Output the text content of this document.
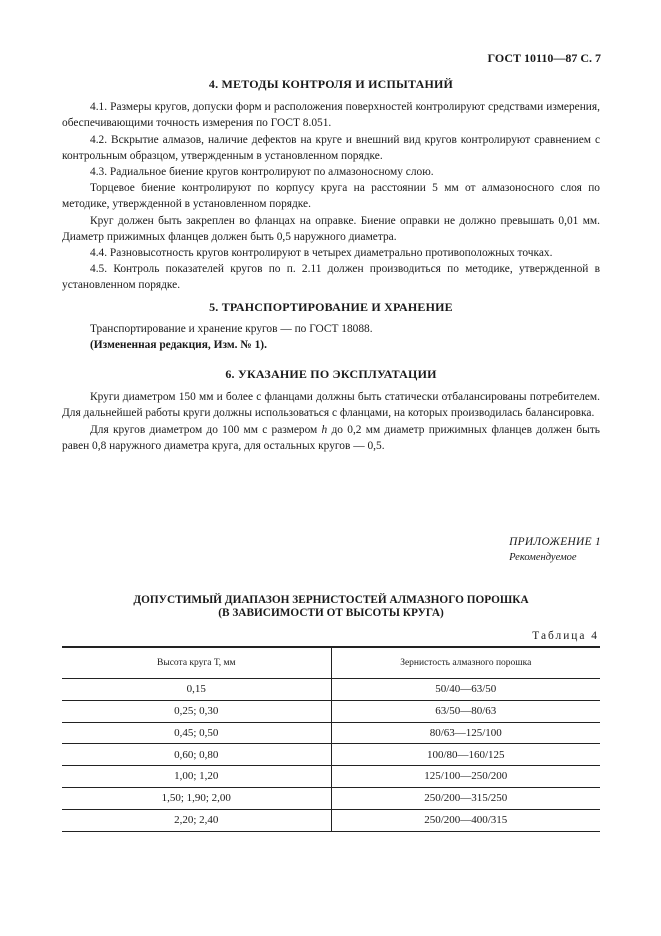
ГОСТ 10110—87 С. 7
4. МЕТОДЫ КОНТРОЛЯ И ИСПЫТАНИЙ

4.1. Размеры кругов, допуски форм и расположения поверхностей контролируют средствами измерения, обеспечивающими точность измерения по ГОСТ 8.051.

4.2. Вскрытие алмазов, наличие дефектов на круге и внешний вид кругов контролируют сравнением с контрольным образцом, утвержденным в установленном порядке.

4.3. Радиальное биение кругов контролируют по алмазоносному слою.

Торцевое биение контролируют по корпусу круга на расстоянии 5 мм от алмазоносного слоя по методике, утвержденной в установленном порядке.

Круг должен быть закреплен во фланцах на оправке. Биение оправки не должно превышать 0,01 мм. Диаметр прижимных фланцев должен быть 0,5 наружного диаметра.

4.4. Разновысотность кругов контролируют в четырех диаметрально противоположных точках.

4.5. Контроль показателей кругов по п. 2.11 должен производиться по методике, утвержденной в установленном порядке.

5. ТРАНСПОРТИРОВАНИЕ И ХРАНЕНИЕ

Транспортирование и хранение кругов — по ГОСТ 18088.

(Измененная редакция, Изм. № 1).

6. УКАЗАНИЕ ПО ЭКСПЛУАТАЦИИ

Круги диаметром 150 мм и более с фланцами должны быть статически отбалансированы потребителем. Для дальнейшей работы круги должны использоваться с фланцами, на которых производилась балансировка.

Для кругов диаметром до 100 мм с размером h до 0,2 мм диаметр прижимных фланцев должен быть равен 0,8 наружного диаметра круга, для остальных кругов — 0,5.

ПРИЛОЖЕНИЕ 1
Рекомендуемое
ДОПУСТИМЫЙ ДИАПАЗОН ЗЕРНИСТОСТЕЙ АЛМАЗНОГО ПОРОШКА
(В ЗАВИСИМОСТИ ОТ ВЫСОТЫ КРУГА)
Таблица 4
Высота круга Т, мм	Зернистость алмазного порошка
0,15	50/40—63/50
0,25; 0,30	63/50—80/63
0,45; 0,50	80/63—125/100
0,60; 0,80	100/80—160/125
1,00; 1,20	125/100—250/200
1,50; 1,90; 2,00	250/200—315/250
2,20; 2,40	250/200—400/315
